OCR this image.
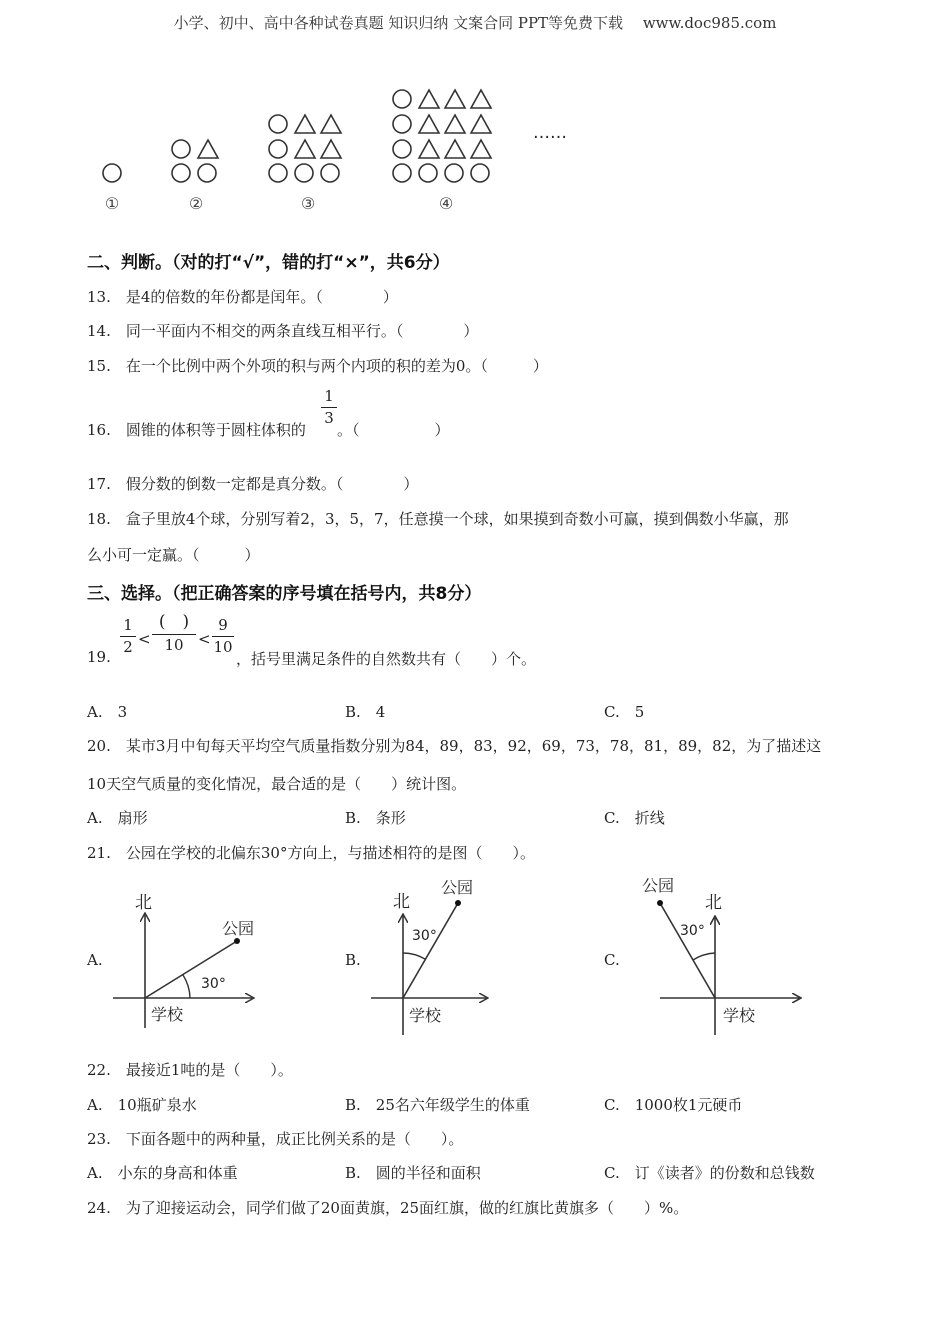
小学、初中、高中各种试卷真题 知识归纳 文案合同 PPT等免费下载　 www.doc985.com
①	②	③	④
……
二、判断。（对的打“√”，错的打“×”，共6分）
13.　是4的倍数的年份都是闰年。（　　　　）
14.　同一平面内不相交的两条直线互相平行。（　　　　）
15.　在一个比例中两个外项的积与两个内项的积的差为0。（　　　）
16.　圆锥的体积等于圆柱体积的
1
3
。（　　　　　）
17.　假分数的倒数一定都是真分数。（　　　　）
18.　盒子里放4个球，分别写着2，3，5，7，任意摸一个球，如果摸到奇数小可赢，摸到偶数小华赢，那
么小可一定赢。（　　　）
三、选择。（把正确答案的序号填在括号内，共8分）
19.
1
2 <
(　)
10 <
9
10
，括号里满足条件的自然数共有（　　）个。
A.　3	B.　4	C.　5
20.　某市3月中旬每天平均空气质量指数分别为84，89，83，92，69，73，78，81，89，82，为了描述这
10天空气质量的变化情况，最合适的是（　　）统计图。
A.　扇形	B.　条形	C.　折线
21.　公园在学校的北偏东30°方向上，与描述相符的是图（　　）。
A.
北
公园
30°
学校
B.
北
公园
30°
学校
C.
北
公园
30°
学校
22.　最接近1吨的是（　　）。
A.　10瓶矿泉水	B.　25名六年级学生的体重	C.　1000枚1元硬币
23.　下面各题中的两种量，成正比例关系的是（　　）。
A.　小东的身高和体重	B.　圆的半径和面积	C.　订《读者》的份数和总钱数
24.　为了迎接运动会，同学们做了20面黄旗，25面红旗，做的红旗比黄旗多（　　）%。
